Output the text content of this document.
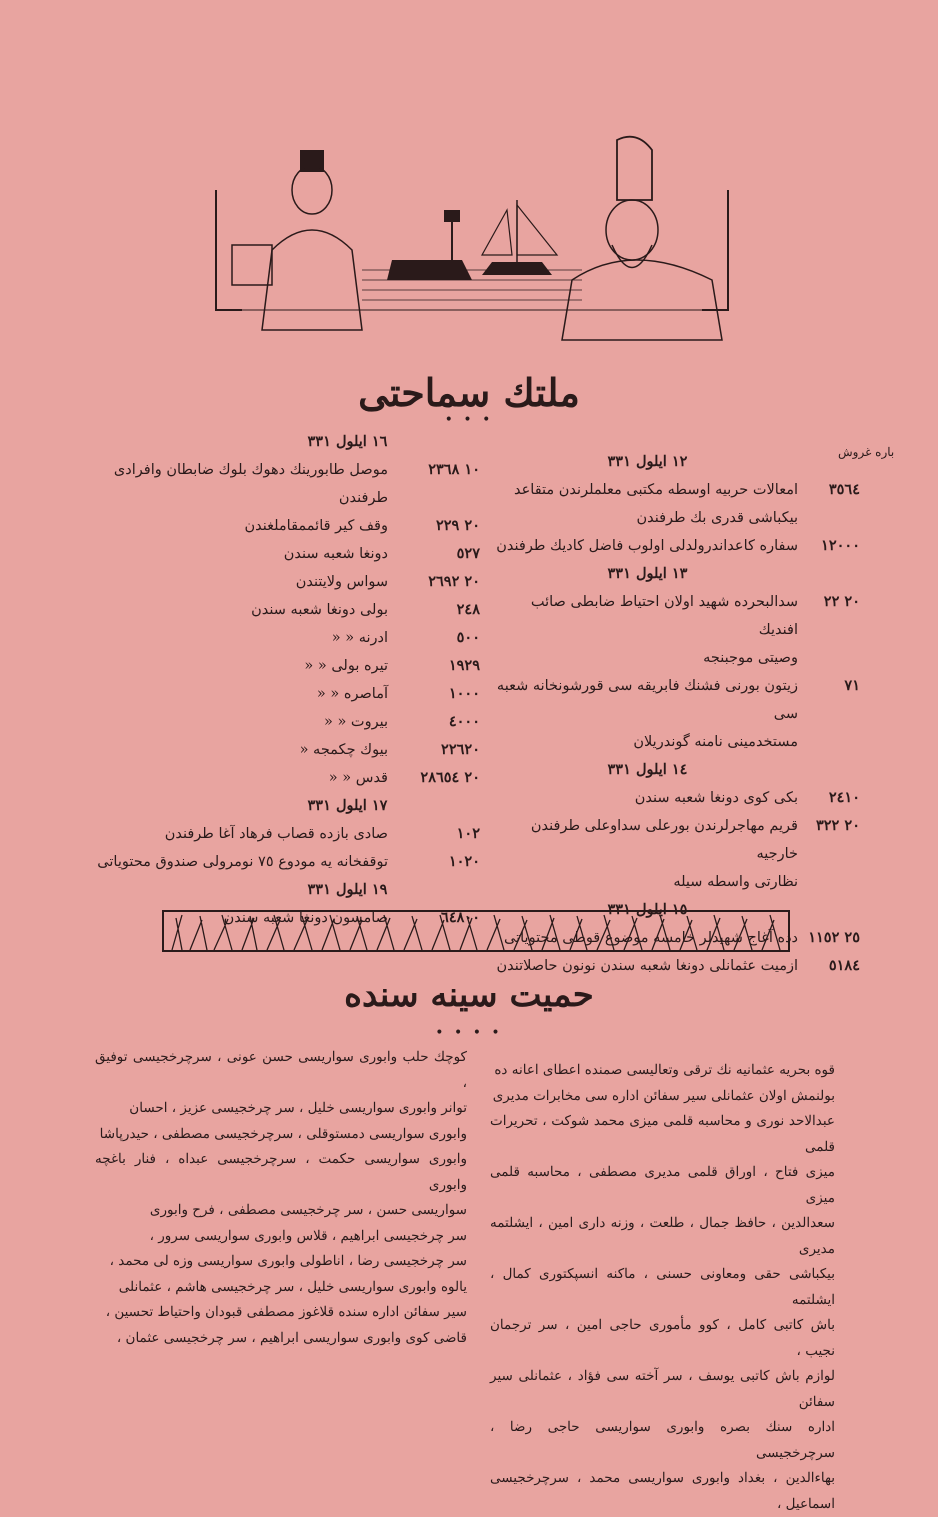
ملتك سماحتی
• • •
باره غروش
١٦ ايلول ٣٣١
١٠ ٢٣٦٨
موصل طابورينك دهوك بلوك ضابطان وافرادی طرفندن
٢٠ ٢٢٩
وقف كير قائممقاملغندن
٥٢٧
دونغا شعبه سندن
٢٠ ٢٦٩٢
سواس ولايتندن
٢٤٨
بولی دونغا شعبه سندن
٥٠٠
ادرنه « «
١٩٢٩
تيره بولی « «
١٠٠٠
آماصره « «
٤٠٠٠
بيروت « «
٢٢٦٢٠
بيوك چكمجه «
٢٠ ٢٨٦٥٤
قدس « «
١٧ ايلول ٣٣١
١٠٢
صادی بازده قصاب فرهاد آغا طرفندن
١٠٢٠
توقفخانه يه مودوع ٧٥ نومرولی صندوق محتوياتی
١٩ ايلول ٣٣١
٦٤٨٠٠
صامسون دونغا شعبه سندن
١٢ ايلول ٣٣١
٣٥٦٤
امعالات حربيه اوسطه مكتبی معلملرندن متقاعد
بيكباشی قدری بك طرفندن
١٢٠٠٠
سفاره كاعداندرولدلی اولوب فاضل كاديك طرفندن
١٣ ايلول ٣٣١
٢٠ ٢٢
سدالبحرده شهيد اولان احتياط ضابطی صائب افنديك
وصيتی موجبنجه
٧١
زيتون بورنی فشنك فابريقه سی قورشونخانه شعبه سی
مستخدمينی نامنه گوندريلان
١٤ ايلول ٣٣١
٢٤١٠
بكی كوی دونغا شعبه سندن
٢٠ ٣٢٢
قريم مهاجرلرندن بورعلی سداوعلی طرفندن خارجيه
نظارتی واسطه سيله
١٥ ايلول ٣٣١
٢٥ ١١٥٢
دده آغاج شهيدلر خامسه موضوع قوطی محتوياتی
٥١٨٤
ازميت عثمانلی دونغا شعبه سندن نونون حاصلاتندن
حميت سينه سنده
• • • •
قوه بحريه عثمانيه نك ترقی وتعاليسی صمنده اعطای اعانه ده
بولنمش اولان عثمانلی سير سفائن اداره سی مخابرات مديری
عبدالاحد نوری و محاسبه قلمی ميزی محمد شوكت ، تحريرات قلمی
ميزی فتاح ، اوراق قلمی مديری مصطفى ، محاسبه قلمی ميزی
سعدالدين ، حافظ جمال ، طلعت ، وزنه داری امين ، ايشلتمه مديری
بيكباشی حقی ومعاونی حسنی ، ماكنه انسپكتوری كمال ، ايشلتمه
باش كاتبی كامل ، كوو مأموری حاجی امين ، سر ترجمان نجيب ،
لوازم باش كاتبی يوسف ، سر آخته سی فؤاد ، عثمانلی سير سفائن
اداره سنك بصره وابوری سواريسی حاجی رضا ، سرچرخجيسی
بهاءالدين ، بغداد وابوری سواريسی محمد ، سرچرخجيسی اسماعيل ،
كوچك حلب وابوری سواريسی حسن عونی ، سرچرخجيسی توفيق ،
توانر وابوری سواريسی خليل ، سر چرخجيسی عزيز ، احسان
وابوری سواريسی دمستوقلی ، سرچرخجيسی مصطفى ، حيدرپاشا
وابوری سواريسی حكمت ، سرچرخجيسی عبداه ، فنار باغچه وابوری
سواريسی حسن ، سر چرخجيسی مصطفى ، فرح وابوری
سر چرخجيسی ابراهيم ، قلاس وابوری سواريسی سرور ،
سر چرخجيسی رضا ، اناطولی وابوری سواريسی وزه لی محمد ،
يالوه وابوری سواريسی خليل ، سر چرخجيسی هاشم ، عثمانلی
سير سفائن اداره سنده قلاغوز مصطفى قبودان واحتياط تحسين ،
قاضی كوی وابوری سواريسی ابراهيم ، سر چرخجيسی عثمان ،
